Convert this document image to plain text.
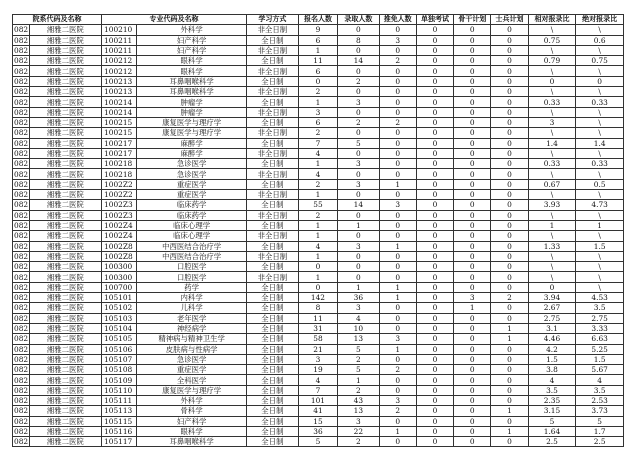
院系代码及名称		专业代码及名称		学习方式	报名人数	录取人数	推免人数	单独考试	骨干计划	士兵计划	相对报录比	绝对报录比
082	湘雅二医院	100210	外科学	非全日制	9	0	0	0	0	0	\	\
082	湘雅二医院	100211	妇产科学	全日制	6	8	3	0	0	0	0.75	0.6
082	湘雅二医院	100211	妇产科学	非全日制	1	0	0	0	0	0	\	\
082	湘雅二医院	100212	眼科学	全日制	11	14	2	0	0	0	0.79	0.75
082	湘雅二医院	100212	眼科学	非全日制	6	0	0	0	0	0	\	\
082	湘雅二医院	100213	耳鼻咽喉科学	全日制	0	2	0	0	0	0	0	0
082	湘雅二医院	100213	耳鼻咽喉科学	非全日制	2	0	0	0	0	0	\	\
082	湘雅二医院	100214	肿瘤学	全日制	1	3	0	0	0	0	0.33	0.33
082	湘雅二医院	100214	肿瘤学	非全日制	3	0	0	0	0	0	\	\
082	湘雅二医院	100215	康复医学与理疗学	全日制	6	2	2	0	0	0	3	\
082	湘雅二医院	100215	康复医学与理疗学	非全日制	2	0	0	0	0	0	\	\
082	湘雅二医院	100217	麻醉学	全日制	7	5	0	0	0	0	1.4	1.4
082	湘雅二医院	100217	麻醉学	非全日制	4	0	0	0	0	0	\	\
082	湘雅二医院	100218	急诊医学	全日制	1	3	0	0	0	0	0.33	0.33
082	湘雅二医院	100218	急诊医学	非全日制	4	0	0	0	0	0	\	\
082	湘雅二医院	1002Z2	重症医学	全日制	2	3	1	0	0	0	0.67	0.5
082	湘雅二医院	1002Z2	重症医学	非全日制	1	0	0	0	0	0	\	\
082	湘雅二医院	1002Z3	临床药学	全日制	55	14	3	0	0	0	3.93	4.73
082	湘雅二医院	1002Z3	临床药学	非全日制	2	0	0	0	0	0	\	\
082	湘雅二医院	1002Z4	临床心理学	全日制	1	1	0	0	0	0	1	1
082	湘雅二医院	1002Z4	临床心理学	非全日制	1	0	0	0	0	0	\	\
082	湘雅二医院	1002Z8	中西医结合治疗学	全日制	4	3	1	0	0	0	1.33	1.5
082	湘雅二医院	1002Z8	中西医结合治疗学	非全日制	1	0	0	0	0	0	\	\
082	湘雅二医院	100300	口腔医学	全日制	0	0	0	0	0	0	\	\
082	湘雅二医院	100300	口腔医学	非全日制	1	0	0	0	0	0	\	\
082	湘雅二医院	100700	药学	全日制	0	1	1	0	0	0	0	\
082	湘雅二医院	105101	内科学	全日制	142	36	1	0	3	2	3.94	4.53
082	湘雅二医院	105102	儿科学	全日制	8	3	0	0	1	0	2.67	3.5
082	湘雅二医院	105103	老年医学	全日制	11	4	0	0	0	0	2.75	2.75
082	湘雅二医院	105104	神经病学	全日制	31	10	0	0	0	1	3.1	3.33
082	湘雅二医院	105105	精神病与精神卫生学	全日制	58	13	3	0	0	1	4.46	6.63
082	湘雅二医院	105106	皮肤病与性病学	全日制	21	5	1	0	0	0	4.2	5.25
082	湘雅二医院	105107	急诊医学	全日制	3	2	0	0	0	0	1.5	1.5
082	湘雅二医院	105108	重症医学	全日制	19	5	2	0	0	0	3.8	5.67
082	湘雅二医院	105109	全科医学	全日制	4	1	0	0	0	0	4	4
082	湘雅二医院	105110	康复医学与理疗学	全日制	7	2	0	0	0	0	3.5	3.5
082	湘雅二医院	105111	外科学	全日制	101	43	3	0	0	0	2.35	2.53
082	湘雅二医院	105113	骨科学	全日制	41	13	2	0	0	1	3.15	3.73
082	湘雅二医院	105115	妇产科学	全日制	15	3	0	0	0	0	5	5
082	湘雅二医院	105116	眼科学	全日制	36	22	1	0	0	1	1.64	1.7
082	湘雅二医院	105117	耳鼻咽喉科学	全日制	5	2	0	0	0	0	2.5	2.5
